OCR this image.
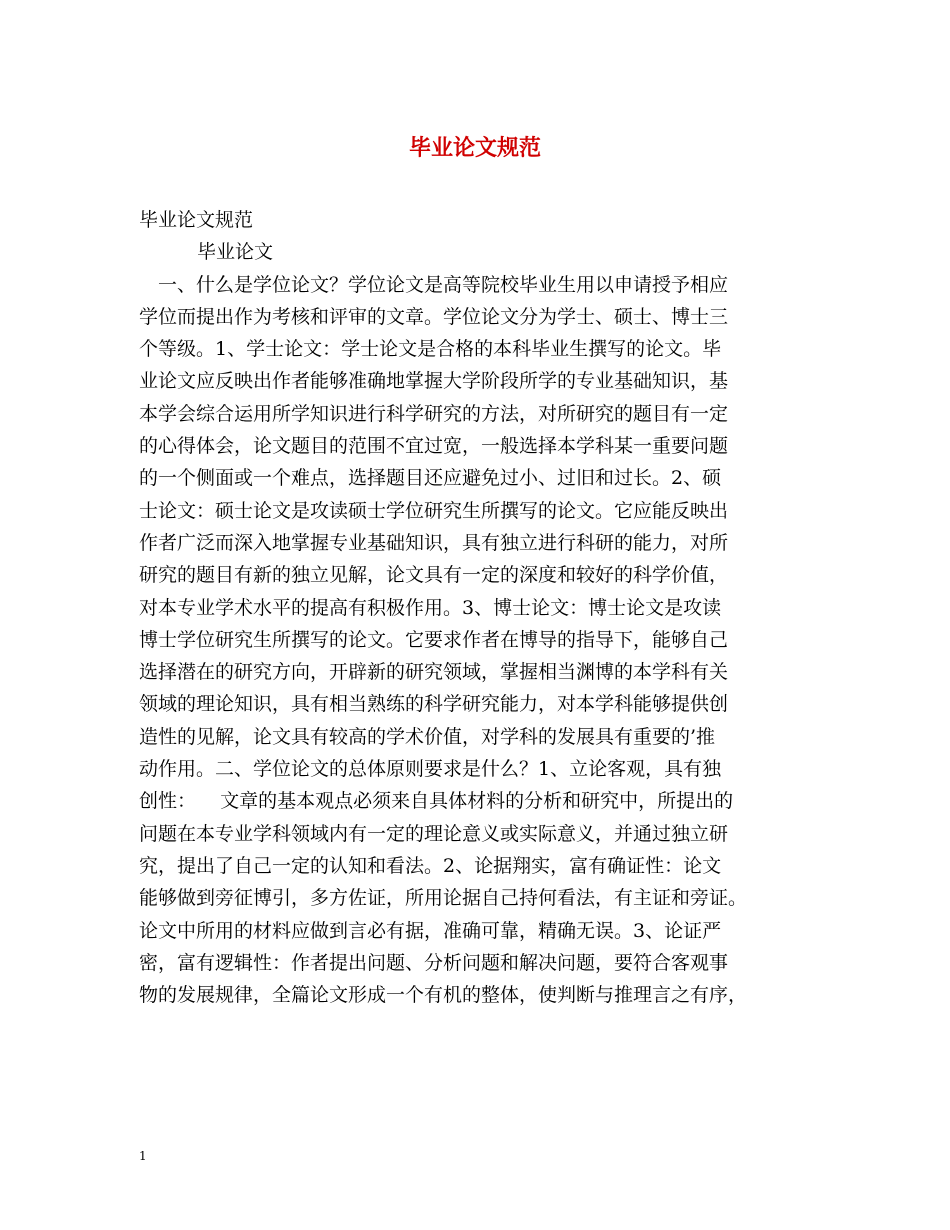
毕业论文规范
毕业论文规范
毕业论文
一、什么是学位论文？学位论文是高等院校毕业生用以申请授予相应
学位而提出作为考核和评审的文章。学位论文分为学士、硕士、博士三
个等级。1、学士论文：学士论文是合格的本科毕业生撰写的论文。毕
业论文应反映出作者能够准确地掌握大学阶段所学的专业基础知识，基
本学会综合运用所学知识进行科学研究的方法，对所研究的题目有一定
的心得体会，论文题目的范围不宜过宽，一般选择本学科某一重要问题
的一个侧面或一个难点，选择题目还应避免过小、过旧和过长。2、硕
士论文：硕士论文是攻读硕士学位研究生所撰写的论文。它应能反映出
作者广泛而深入地掌握专业基础知识，具有独立进行科研的能力，对所
研究的题目有新的独立见解，论文具有一定的深度和较好的科学价值，
对本专业学术水平的提高有积极作用。3、博士论文：博士论文是攻读
博士学位研究生所撰写的论文。它要求作者在博导的指导下，能够自己
选择潜在的研究方向，开辟新的研究领域，掌握相当渊博的本学科有关
领域的理论知识，具有相当熟练的科学研究能力，对本学科能够提供创
造性的见解，论文具有较高的学术价值，对学科的发展具有重要的’推
动作用。二、学位论文的总体原则要求是什么？1、立论客观，具有独
创性：    文章的基本观点必须来自具体材料的分析和研究中，所提出的
问题在本专业学科领域内有一定的理论意义或实际意义，并通过独立研
究，提出了自己一定的认知和看法。2、论据翔实，富有确证性：论文
能够做到旁征博引，多方佐证，所用论据自己持何看法，有主证和旁证。
论文中所用的材料应做到言必有据，准确可靠，精确无误。3、论证严
密，富有逻辑性：作者提出问题、分析问题和解决问题，要符合客观事
物的发展规律，全篇论文形成一个有机的整体，使判断与推理言之有序，
1
